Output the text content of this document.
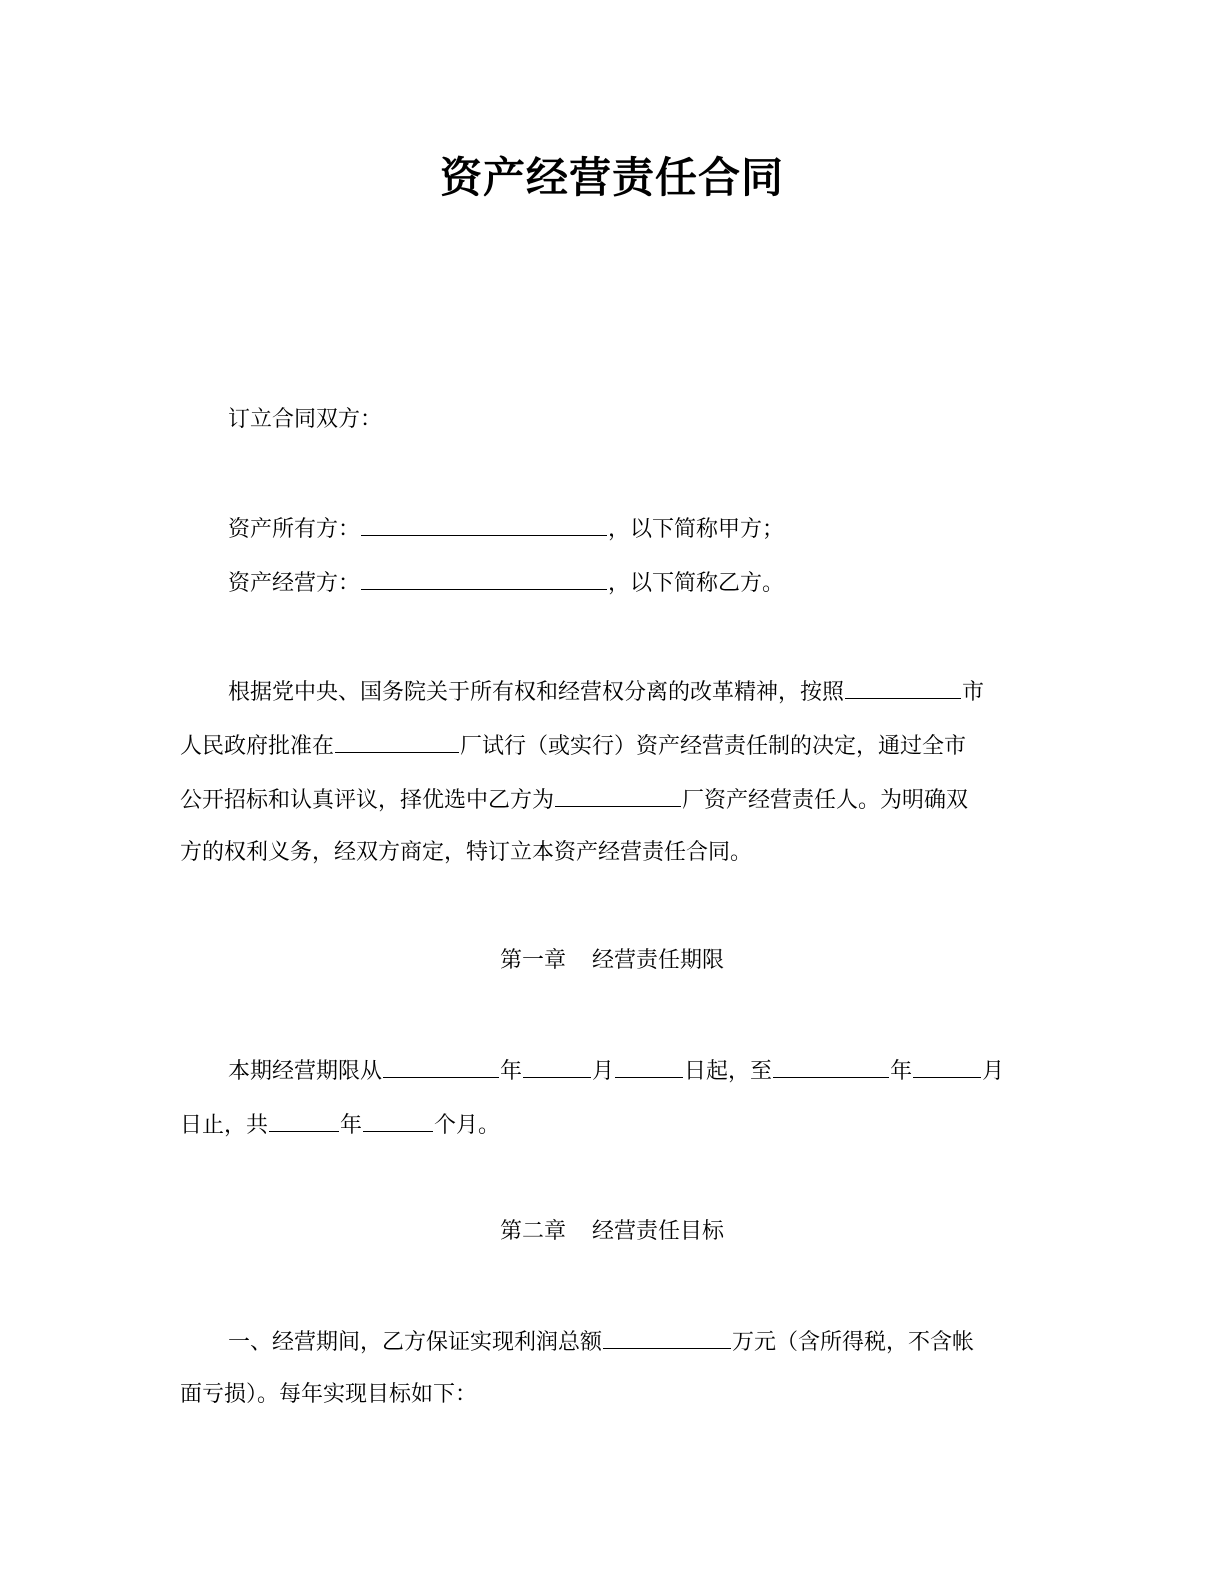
资产经营责任合同
订立合同双方：
资产所有方：	，以下简称甲方；
资产经营方：	，以下简称乙方。
根据党中央、国务院关于所有权和经营权分离的改革精神，按照	市
人民政府批准在	厂试行（或实行）资产经营责任制的决定，通过全市
公开招标和认真评议，择优选中乙方为	厂资产经营责任人。为明确双
方的权利义务，经双方商定，特订立本资产经营责任合同。
第一章 经营责任期限
本期经营期限从	年	月	日起，至	年	月
日止，共	年	个月。
第二章 经营责任目标
一、经营期间，乙方保证实现利润总额	万元（含所得税，不含帐
面亏损）。每年实现目标如下：
